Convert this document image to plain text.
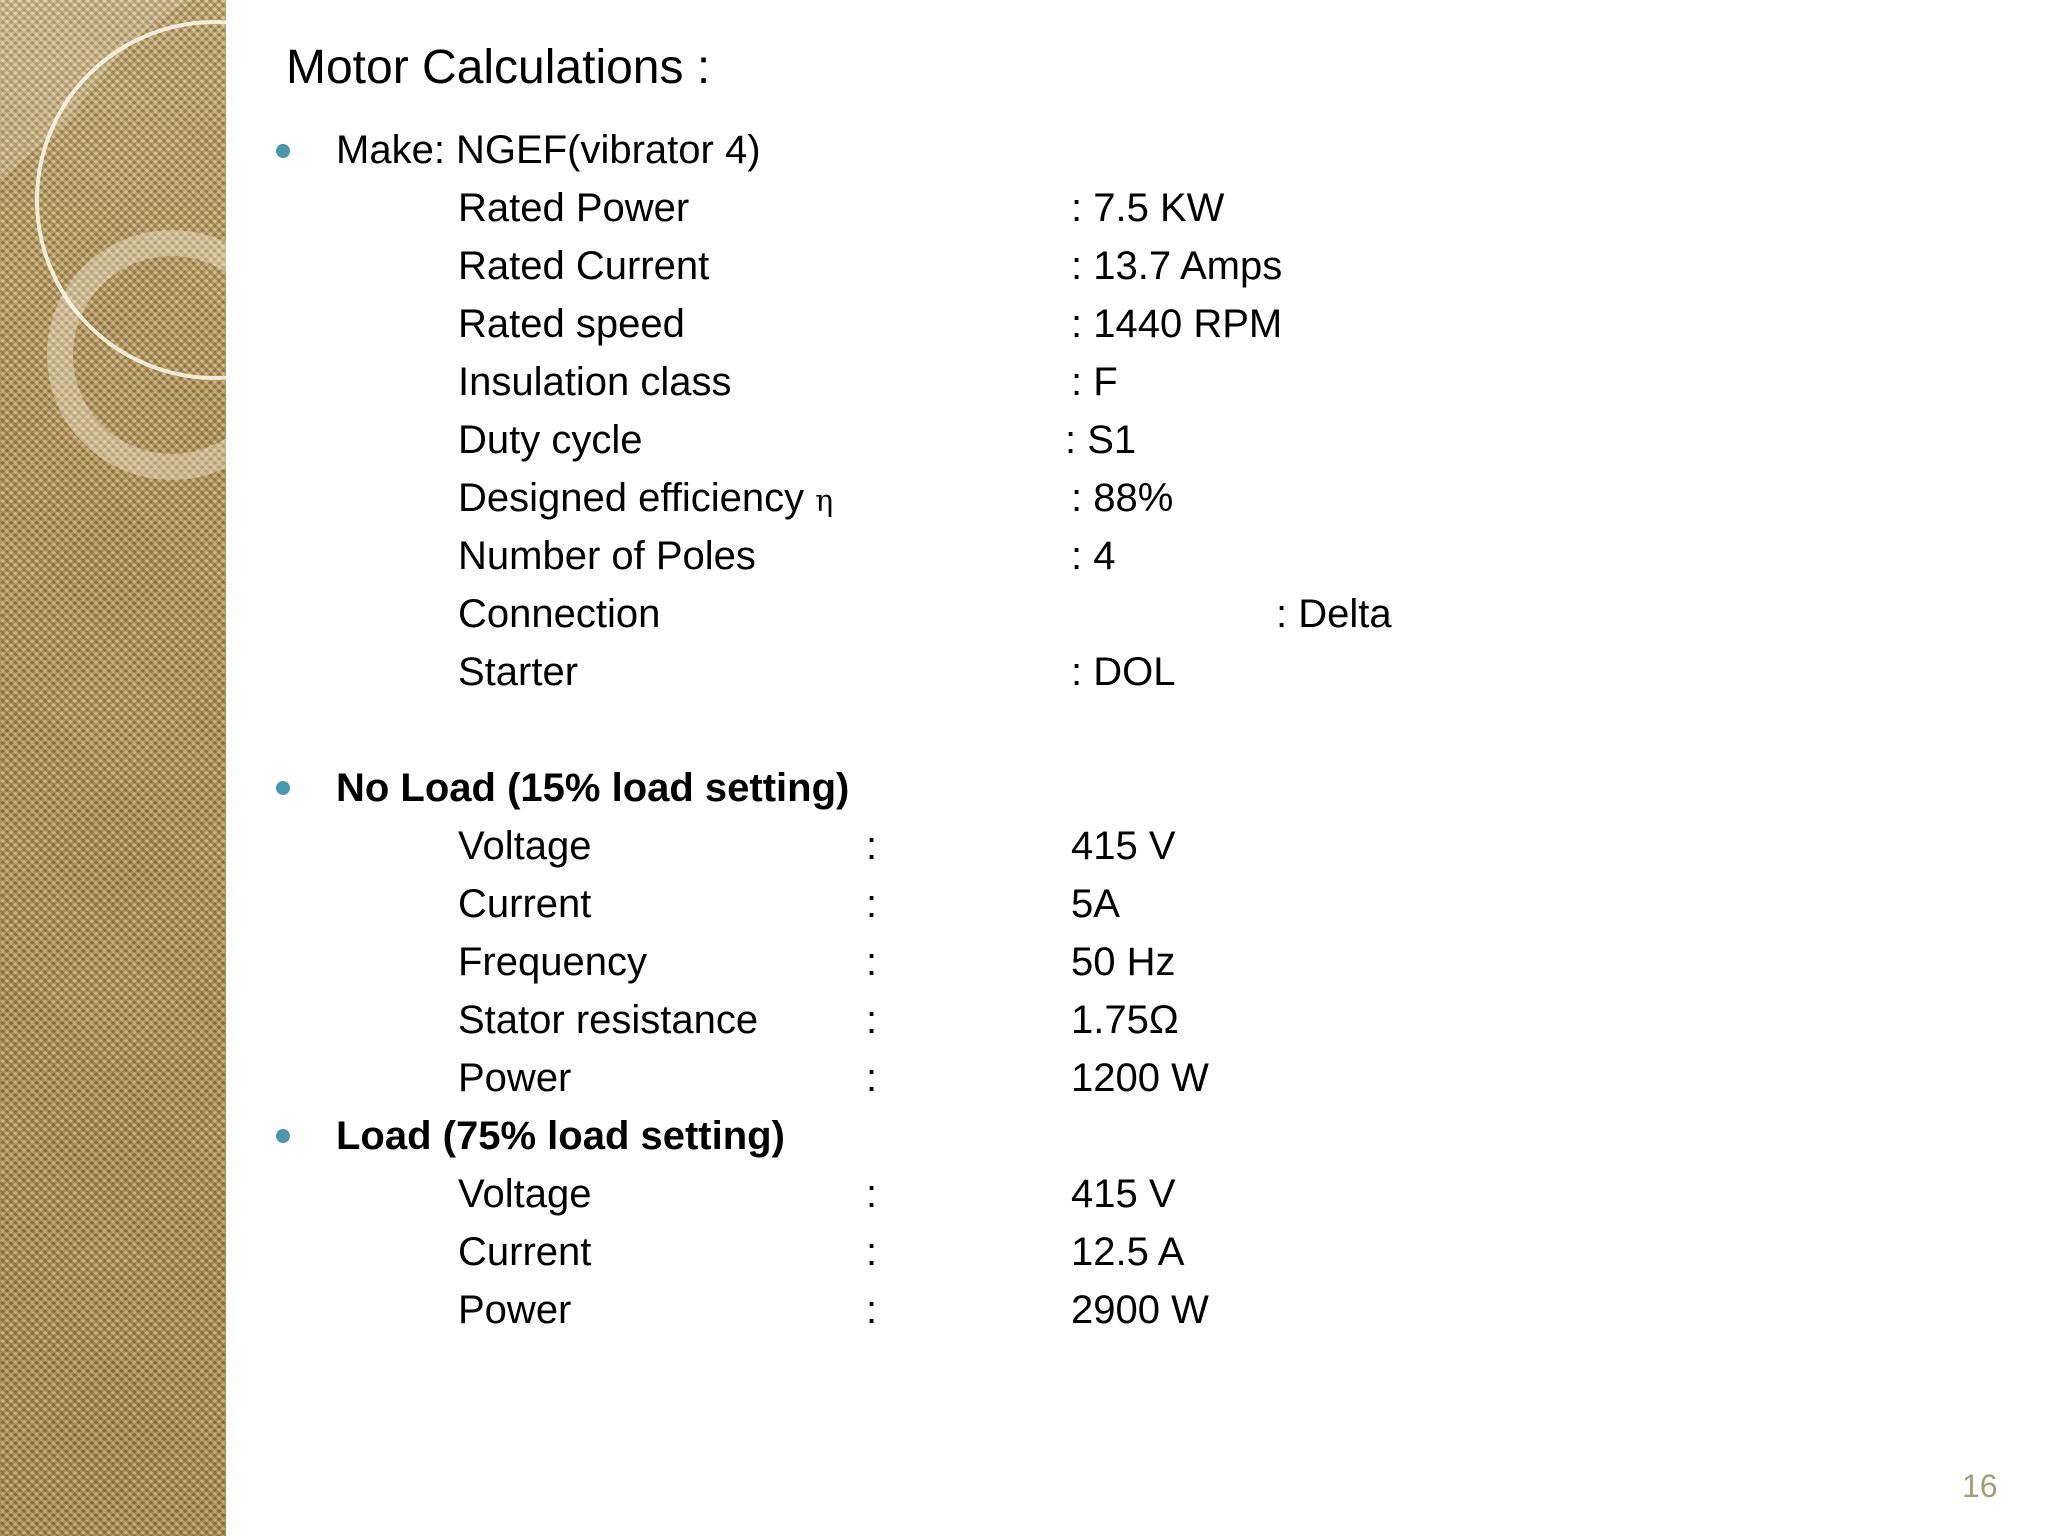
Motor Calculations :
Make: NGEF(vibrator 4)
Rated Power	: 7.5 KW
Rated Current	: 13.7 Amps
Rated speed	: 1440 RPM
Insulation class	: F
Duty cycle	: S1
Designed efficiency η	: 88%
Number of Poles	: 4
Connection	: Delta
Starter	: DOL
No Load (15% load setting)
Voltage	:	415 V
Current	:	5A
Frequency	:	50 Hz
Stator resistance	:	1.75Ω
Power	:	1200 W
Load (75% load setting)
Voltage	:	415 V
Current	:	12.5 A
Power	:	2900 W
16
